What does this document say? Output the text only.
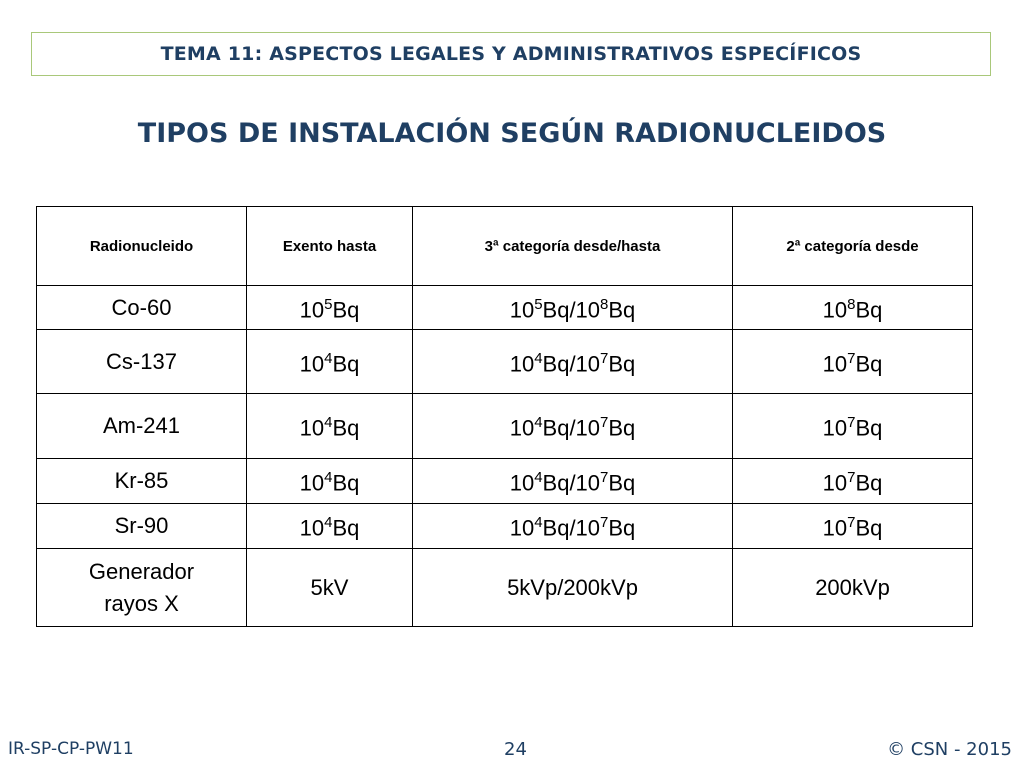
TEMA 11: ASPECTOS LEGALES Y ADMINISTRATIVOS ESPECÍFICOS
TIPOS DE INSTALACIÓN SEGÚN RADIONUCLEIDOS
Radionucleido	Exento hasta	3ª categoría desde/hasta	2ª categoría desde

Co-60	$10^5Bq$	$10^5Bq/10^8Bq$	$10^8Bq$

Cs-137	$10^4Bq$	$10^4Bq/10^7Bq$	$10^7Bq$

Am-241	$10^4Bq$	$10^4Bq/10^7Bq$	$10^7Bq$

Kr-85	$10^4Bq$	$10^4Bq/10^7Bq$	$10^7Bq$

Sr-90	$10^4Bq$	$10^4Bq/10^7Bq$	$10^7Bq$

Generador
rayos X	5kV	5kVp/200kVp	200kVp
IR-SP-CP-PW11	24	© CSN - 2015
